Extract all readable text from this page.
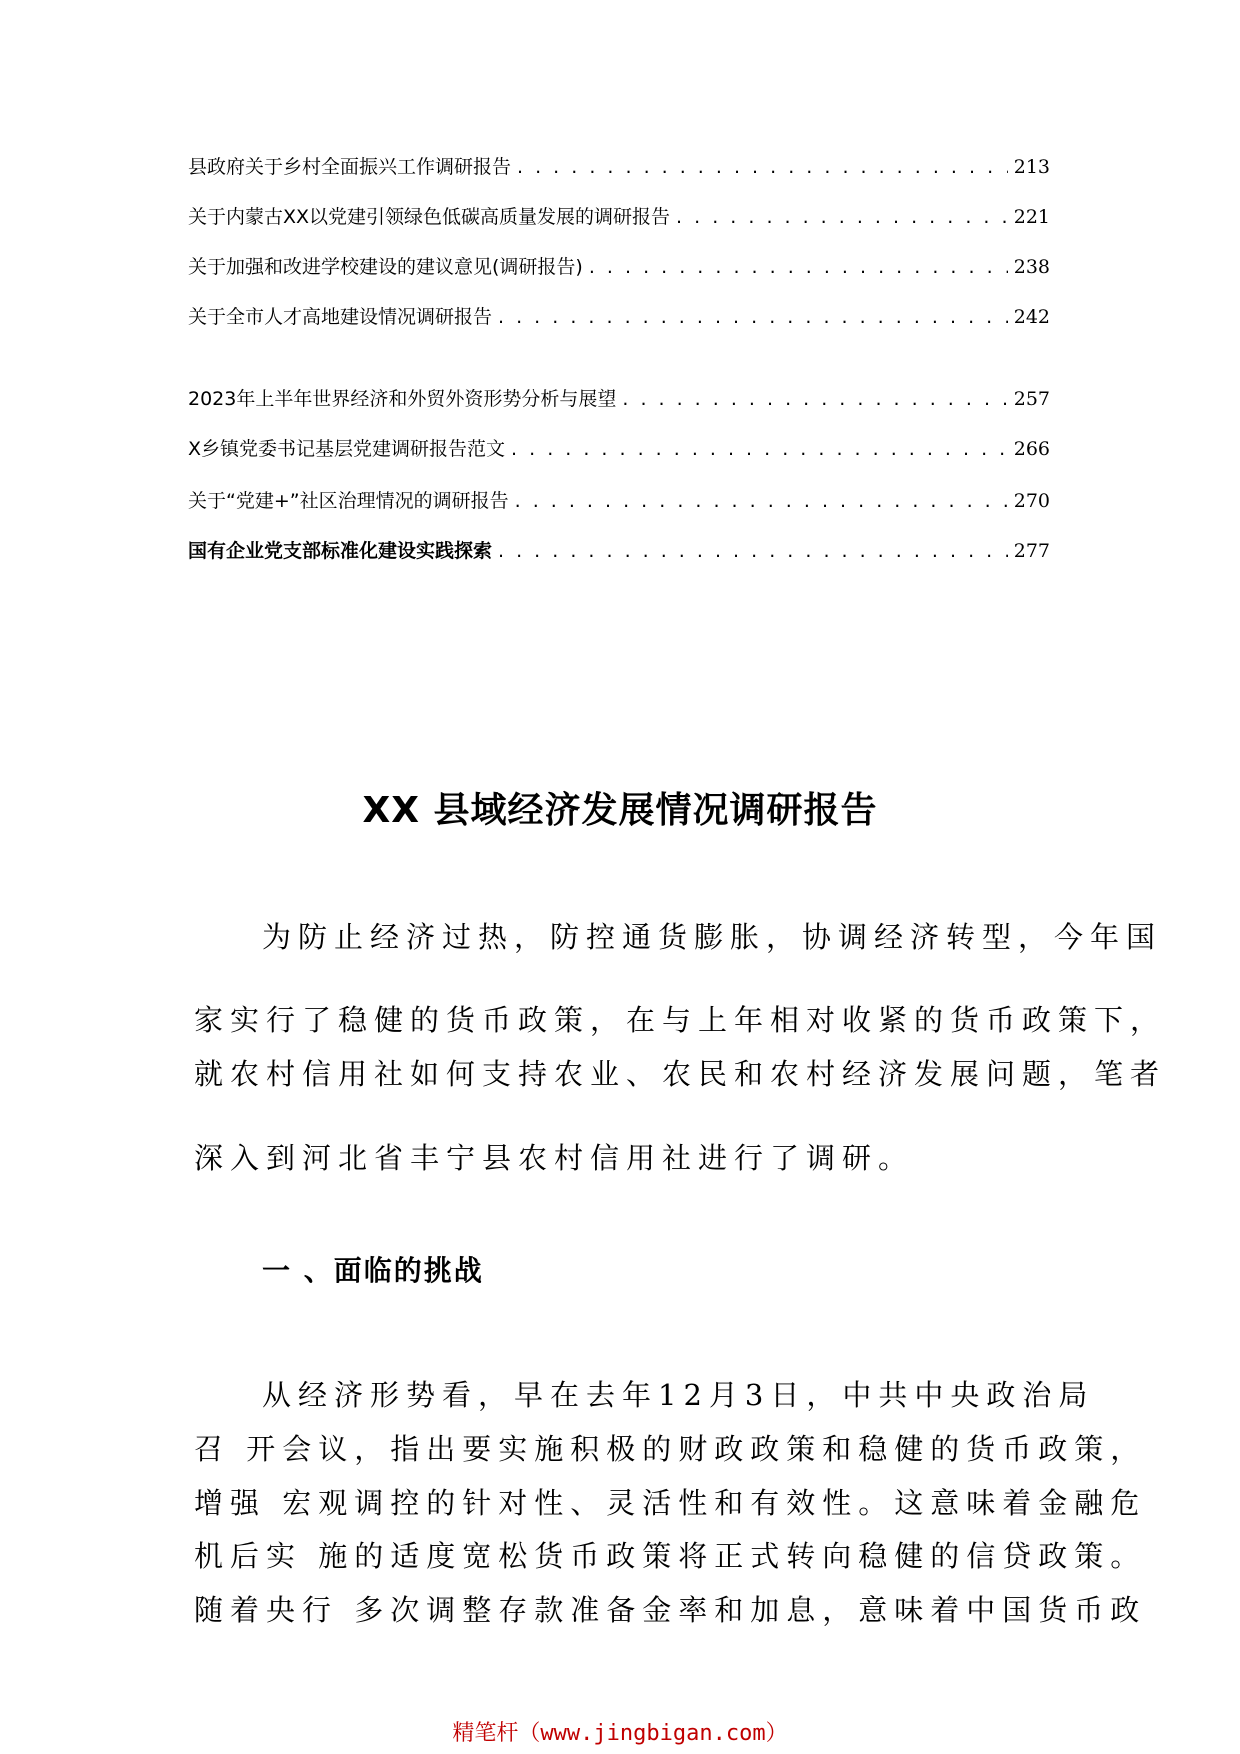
县政府关于乡村全面振兴工作调研报告 . . .	213
关于内蒙古XX以党建引领绿色低碳高质量发展的调研报告 . . .	221
关于加强和改进学校建设的建议意见(调研报告) . . .	238
关于全市人才高地建设情况调研报告 . . .	242
2023年上半年世界经济和外贸外资形势分析与展望 . . .	257
X乡镇党委书记基层党建调研报告范文 . . .	266
关于“党建+”社区治理情况的调研报告 . . .	270
国有企业党支部标准化建设实践探索 . . .	277
XX 县域经济发展情况调研报告
为防止经济过热，防控通货膨胀，协调经济转型，今年国
家实行了稳健的货币政策，在与上年相对收紧的货币政策下，
就农村信用社如何支持农业、农民和农村经济发展问题，笔者
深入到河北省丰宁县农村信用社进行了调研。
一 、面临的挑战
从经济形势看，早在去年12月3日，中共中央政治局
召 开会议，指出要实施积极的财政政策和稳健的货币政策，
增强 宏观调控的针对性、灵活性和有效性。这意味着金融危
机后实 施的适度宽松货币政策将正式转向稳健的信贷政策。
随着央行 多次调整存款准备金率和加息，意味着中国货币政
精笔杆（www.jingbigan.com）
